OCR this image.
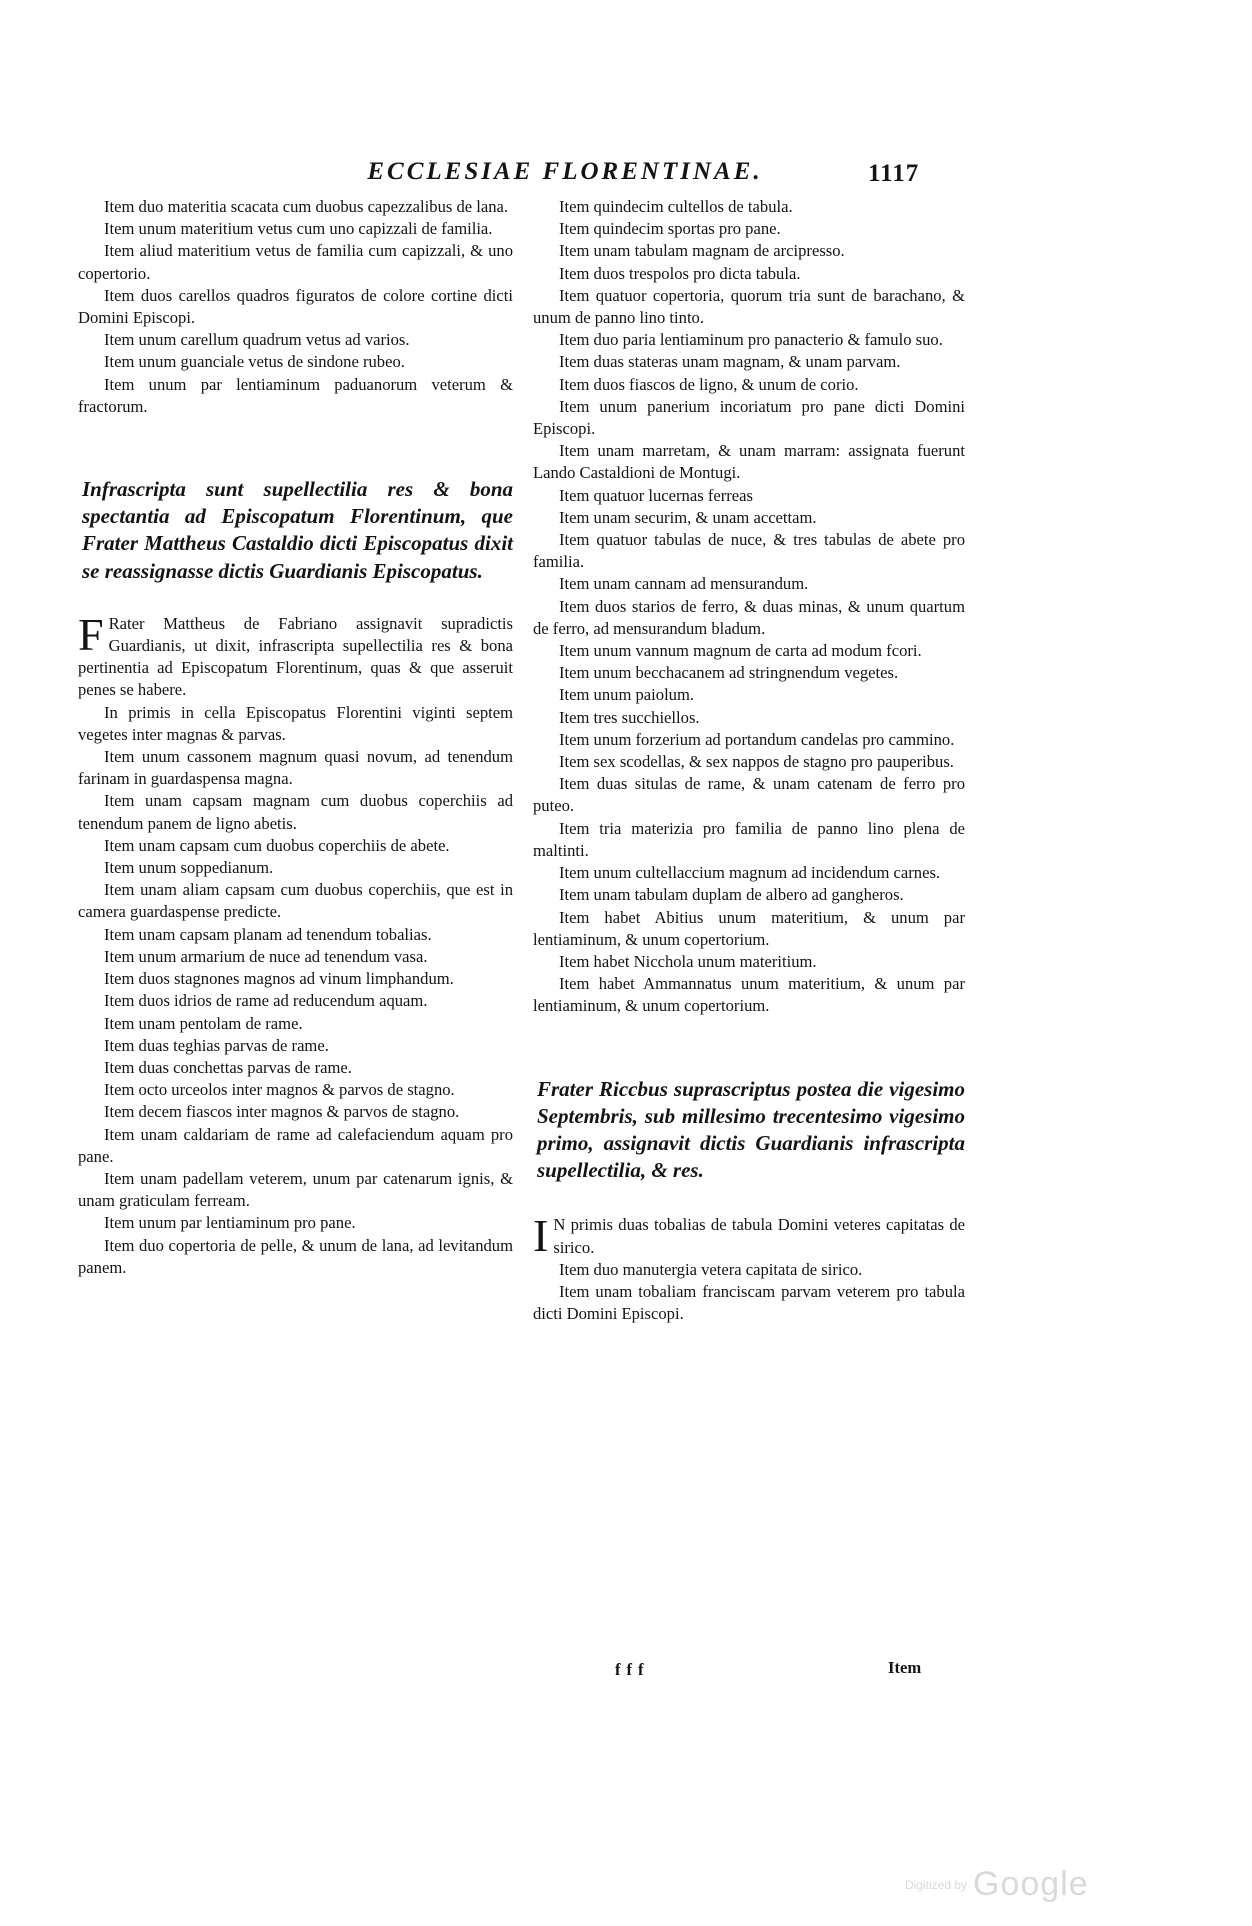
ECCLESIAE FLORENTINAE.	1117

Item duo materitia scacata cum duobus capezzalibus de lana.

Item unum materitium vetus cum uno capizzali de familia.

Item aliud materitium vetus de familia cum capizzali, & uno copertorio.

Item duos carellos quadros figuratos de colore cortine dicti Domini Episcopi.

Item unum carellum quadrum vetus ad varios.

Item unum guanciale vetus de sindone rubeo.

Item unum par lentiaminum paduanorum veterum & fractorum.

Infrascripta sunt supellectilia res & bona spectantia ad Episcopatum Florentinum, que Frater Mattheus Castaldio dicti Episcopatus dixit se reassignasse dictis Guardianis Episcopatus.

F Rater Mattheus de Fabriano assignavit supradictis Guardianis, ut dixit, infrascripta supellectilia res & bona pertinentia ad Episcopatum Florentinum, quas & que asseruit penes se habere.

In primis in cella Episcopatus Florentini viginti septem vegetes inter magnas & parvas.

Item unum cassonem magnum quasi novum, ad tenendum farinam in guardaspensa magna.

Item unam capsam magnam cum duobus coperchiis ad tenendum panem de ligno abetis.

Item unam capsam cum duobus coperchiis de abete.

Item unum soppedianum.

Item unam aliam capsam cum duobus coperchiis, que est in camera guardaspense predicte.

Item unam capsam planam ad tenendum tobalias.

Item unum armarium de nuce ad tenendum vasa.

Item duos stagnones magnos ad vinum limphandum.

Item duos idrios de rame ad reducendum aquam.

Item unam pentolam de rame.

Item duas teghias parvas de rame.

Item duas conchettas parvas de rame.

Item octo urceolos inter magnos & parvos de stagno.

Item decem fiascos inter magnos & parvos de stagno.

Item unam caldariam de rame ad calefaciendum aquam pro pane.

Item unam padellam veterem, unum par catenarum ignis, & unam graticulam ferream.

Item unum par lentiaminum pro pane.

Item duo copertoria de pelle, & unum de lana, ad levitandum panem.

Item quindecim cultellos de tabula.

Item quindecim sportas pro pane.

Item unam tabulam magnam de arcipresso.

Item duos trespolos pro dicta tabula.

Item quatuor copertoria, quorum tria sunt de barachano, & unum de panno lino tinto.

Item duo paria lentiaminum pro panacterio & famulo suo.

Item duas stateras unam magnam, & unam parvam.

Item duos fiascos de ligno, & unum de corio.

Item unum panerium incoriatum pro pane dicti Domini Episcopi.

Item unam marretam, & unam marram: assignata fuerunt Lando Castaldioni de Montugi.

Item quatuor lucernas ferreas

Item unam securim, & unam accettam.

Item quatuor tabulas de nuce, & tres tabulas de abete pro familia.

Item unam cannam ad mensurandum.

Item duos starios de ferro, & duas minas, & unum quartum de ferro, ad mensurandum bladum.

Item unum vannum magnum de carta ad modum fcori.

Item unum becchacanem ad stringnendum vegetes.

Item unum paiolum.

Item tres succhiellos.

Item unum forzerium ad portandum candelas pro cammino.

Item sex scodellas, & sex nappos de stagno pro pauperibus.

Item duas situlas de rame, & unam catenam de ferro pro puteo.

Item tria materizia pro familia de panno lino plena de maltinti.

Item unum cultellaccium magnum ad incidendum carnes.

Item unam tabulam duplam de albero ad gangheros.

Item habet Abitius unum materitium, & unum par lentiaminum, & unum copertorium.

Item habet Nicchola unum materitium.

Item habet Ammannatus unum materitium, & unum par lentiaminum, & unum copertorium.

Frater Riccbus suprascriptus postea die vigesimo Septembris, sub millesimo trecentesimo vigesimo primo, assignavit dictis Guardianis infrascripta supellectilia, & res.

I N primis duas tobalias de tabula Domini veteres capitatas de sirico.

Item duo manutergia vetera capitata de sirico.

Item unam tobaliam franciscam parvam veterem pro tabula dicti Domini Episcopi.

fff	Item
Digitized by Google
